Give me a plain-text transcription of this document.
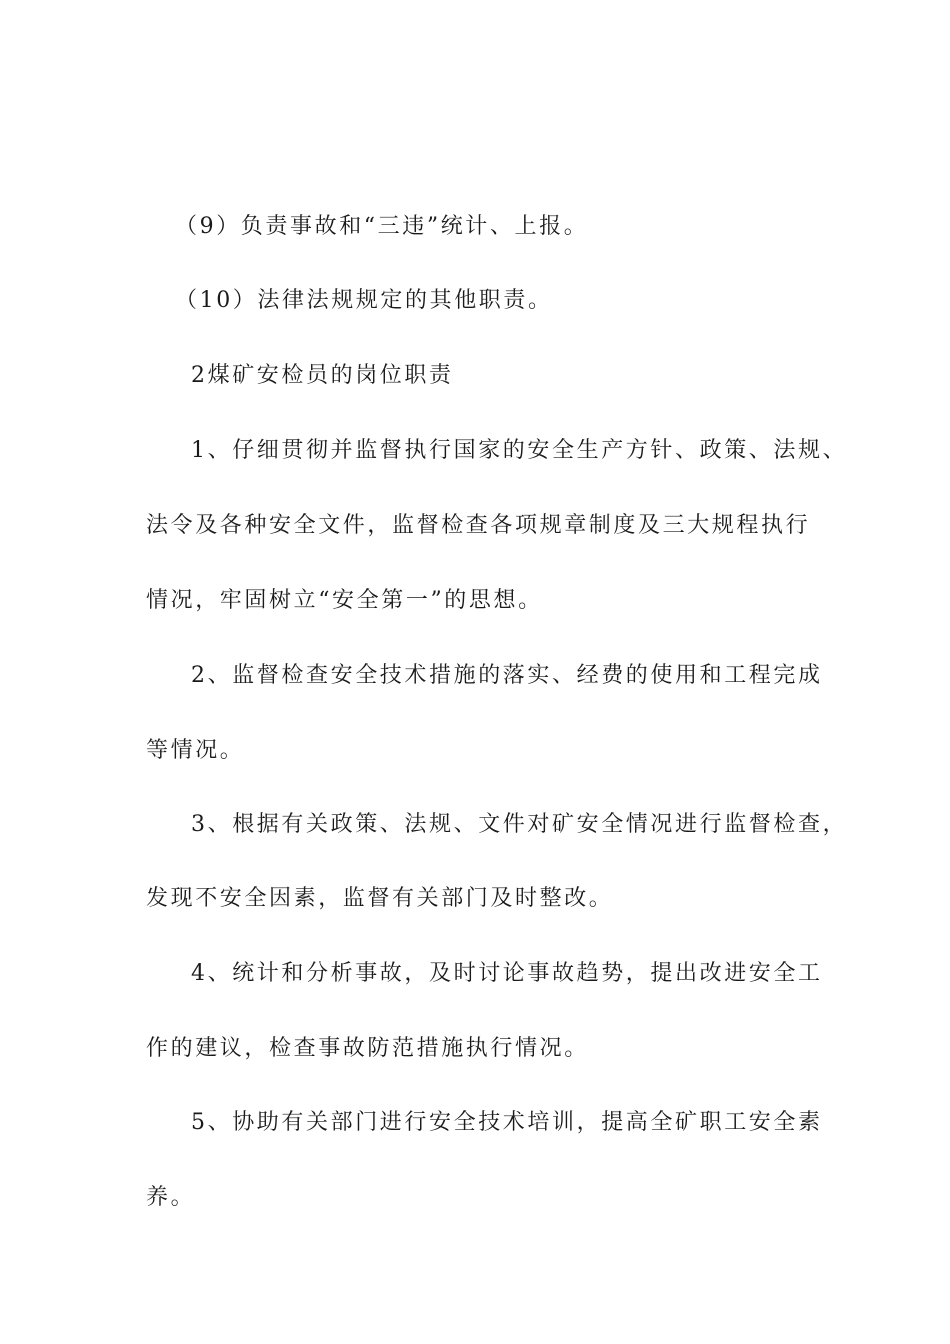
（9）负责事故和“三违”统计、上报。

（10）法律法规规定的其他职责。

2煤矿安检员的岗位职责

1、仔细贯彻并监督执行国家的安全生产方针、政策、法规、

法令及各种安全文件，监督检查各项规章制度及三大规程执行

情况，牢固树立“安全第一”的思想。

2、监督检查安全技术措施的落实、经费的使用和工程完成

等情况。

3、根据有关政策、法规、文件对矿安全情况进行监督检查，

发现不安全因素，监督有关部门及时整改。

4、统计和分析事故，及时讨论事故趋势，提出改进安全工

作的建议，检查事故防范措施执行情况。

5、协助有关部门进行安全技术培训，提高全矿职工安全素

养。
